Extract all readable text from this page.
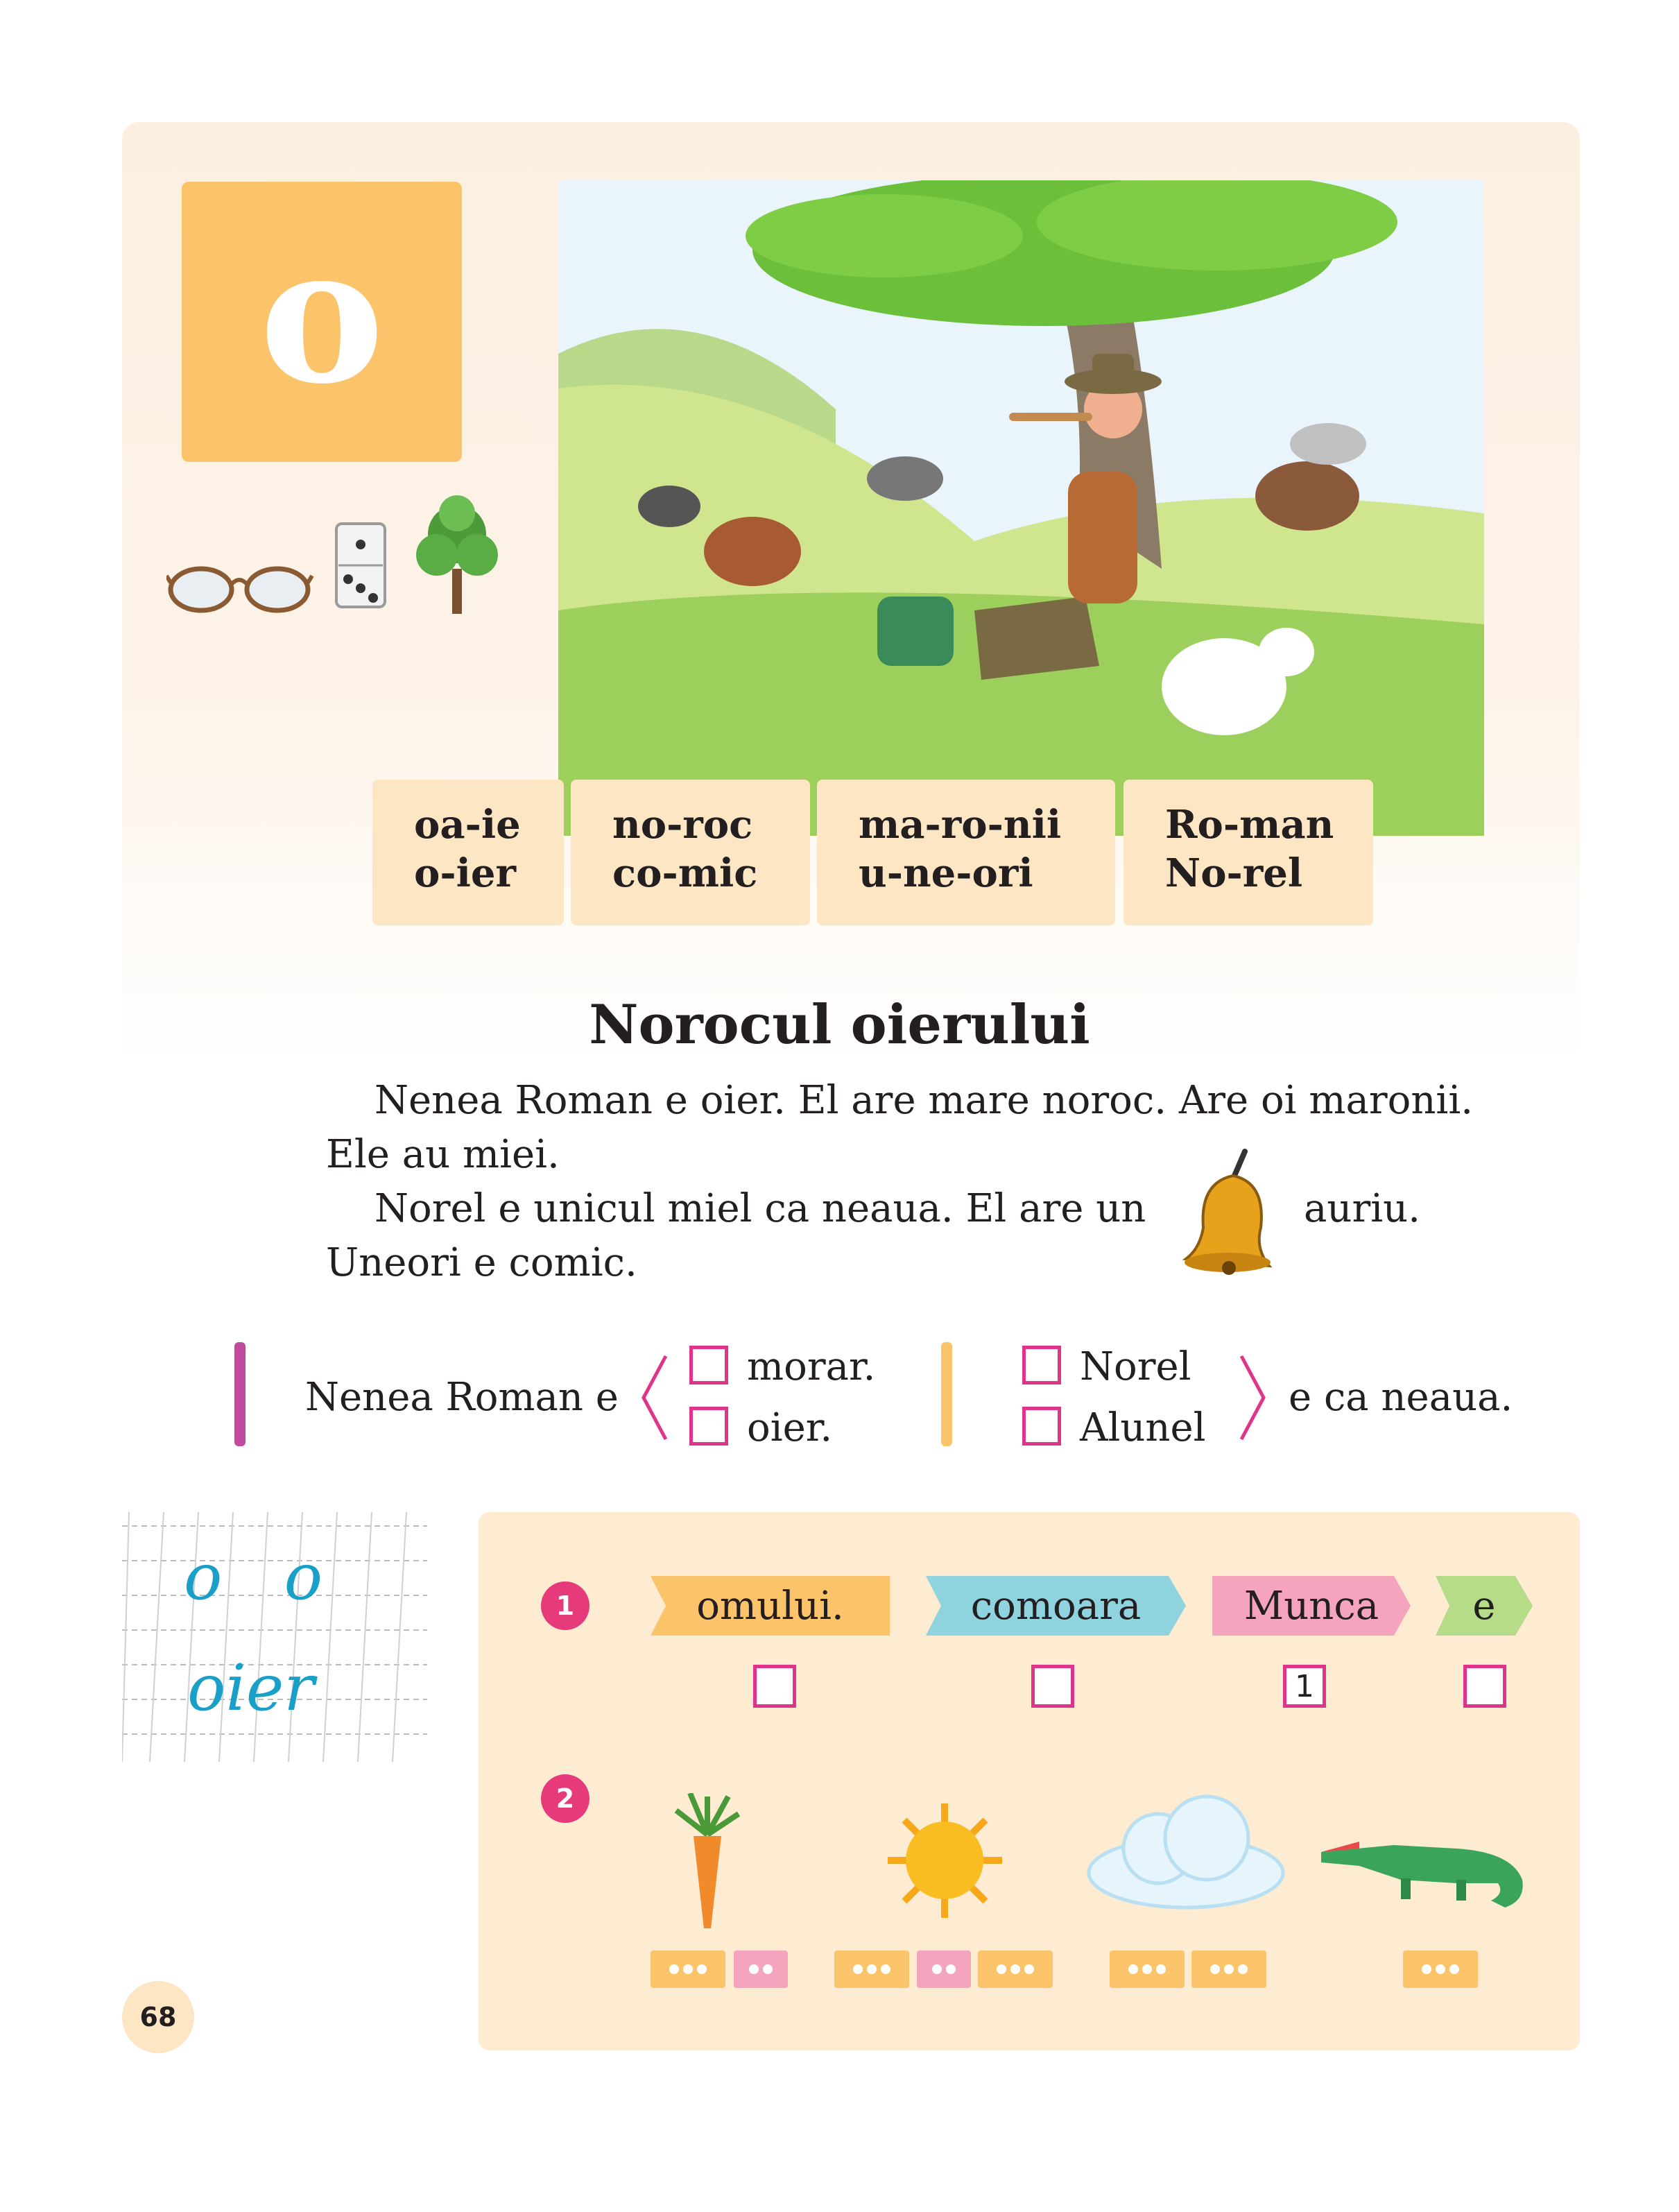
o
oa-ie
o-ier
no-roc
co-mic
ma-ro-nii
u-ne-ori
Ro-man
No-rel
Norocul oierului
Nenea Roman e oier. El are mare noroc. Are oi maronii.
Ele au miei.
Norel e unicul miel ca neaua. El are un	auriu.
Uneori e comic.
Nenea Roman e
morar.
oier.
Norel
Alunel
e ca neaua.
o o
oier
1	omului.	comoara	Munca	e
1
2
68
